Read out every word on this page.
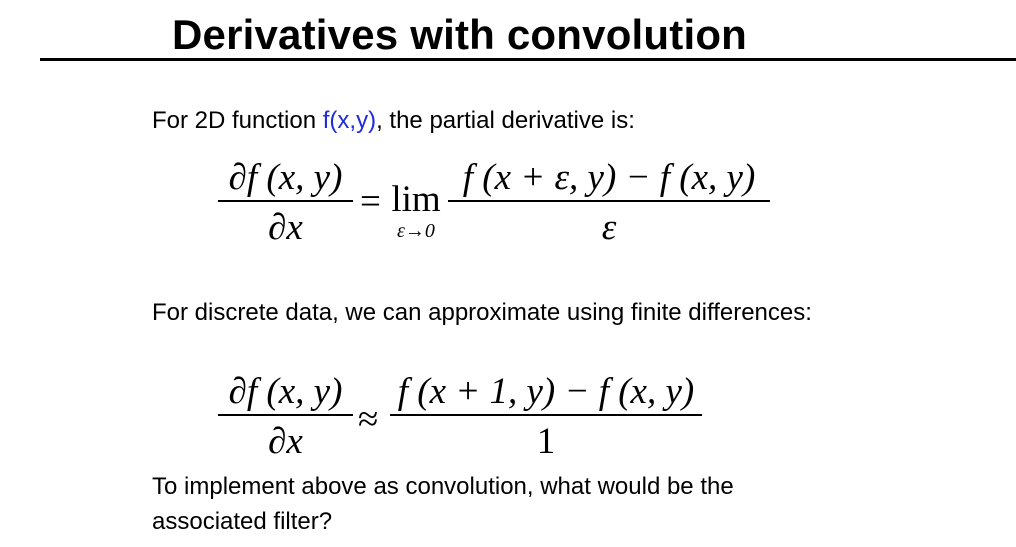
Derivatives with convolution
For 2D function f(x,y), the partial derivative is:
∂f (x, y)
∂x
= lim
ε→0
f (x + ε, y) − f (x, y)
ε
For discrete data, we can approximate using finite differences:
∂f (x, y)
∂x
≈
f (x + 1, y) − f (x, y)
1
To implement above as convolution, what would be the
associated filter?
